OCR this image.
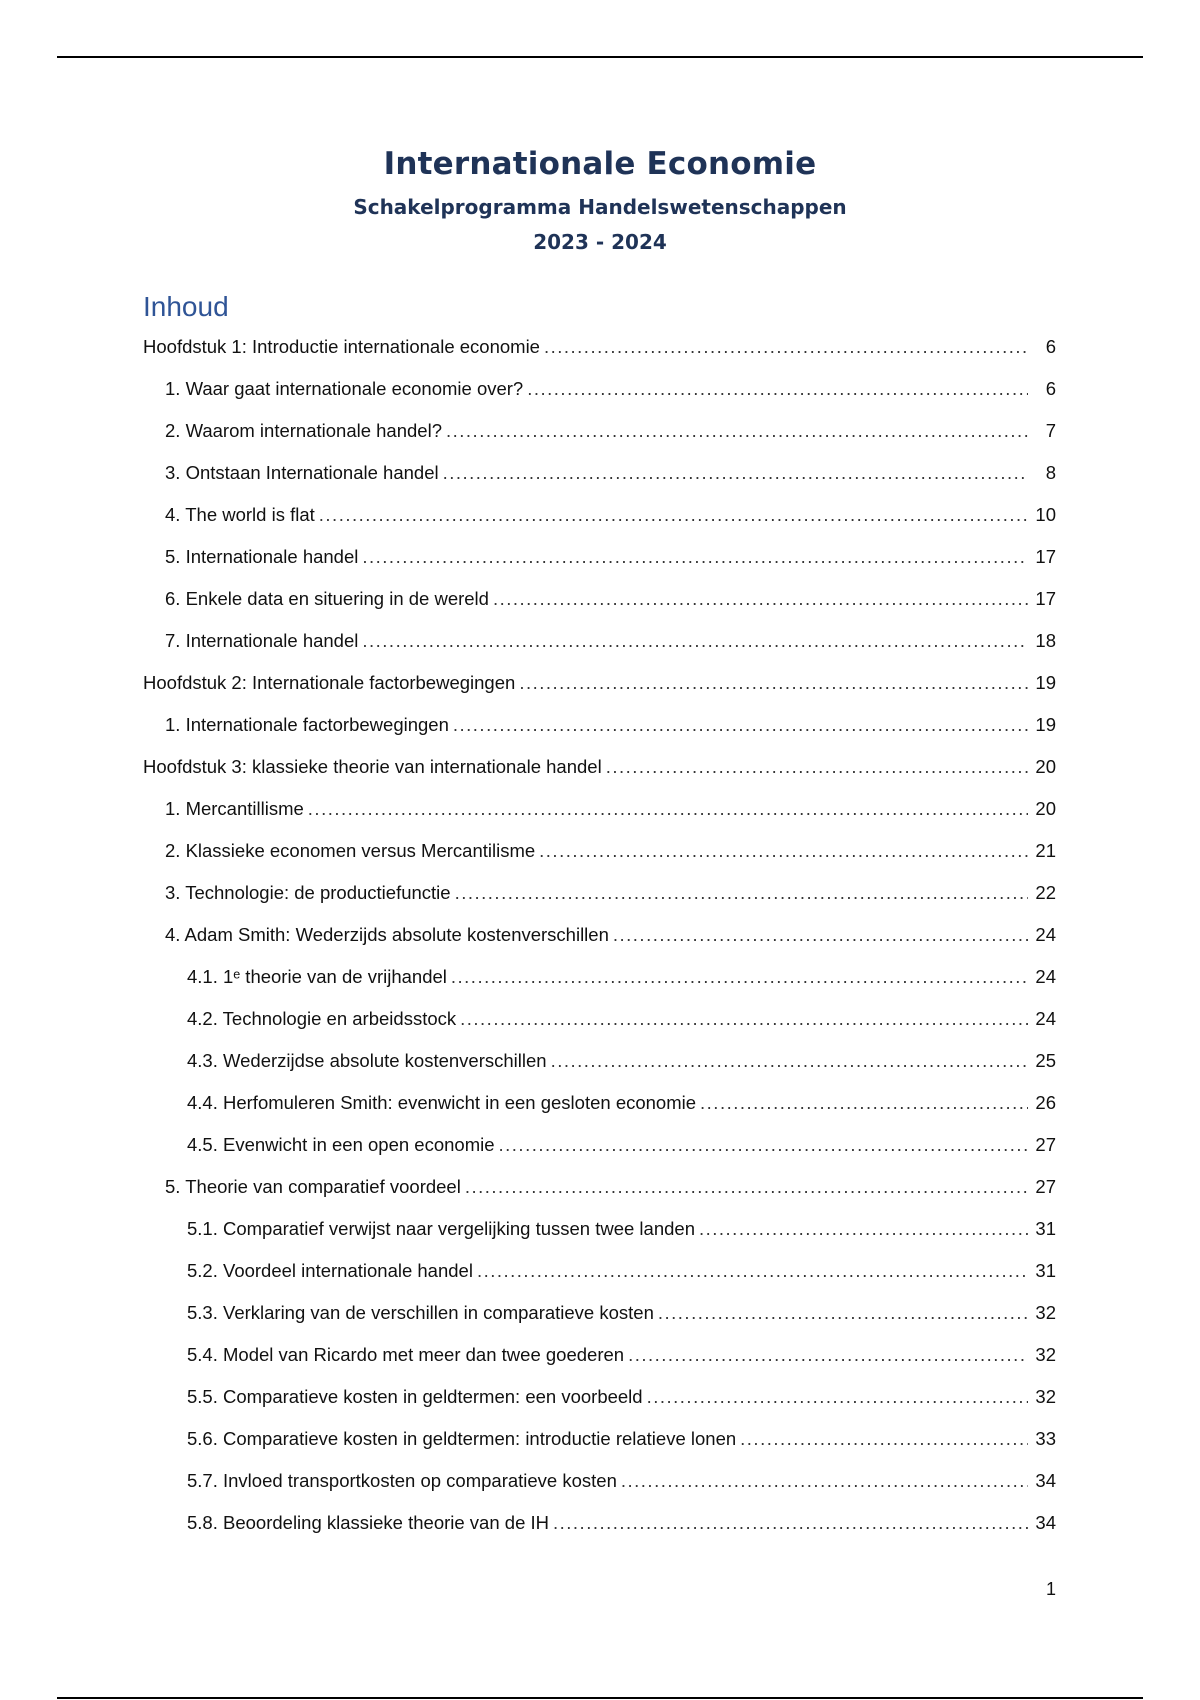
Internationale Economie
Schakelprogramma Handelswetenschappen
2023 - 2024
Inhoud
Hoofdstuk 1: Introductie internationale economie .....	6
1. Waar gaat internationale economie over? .....	6
2. Waarom internationale handel? .....	7
3. Ontstaan Internationale handel .....	8
4. The world is flat .....	10
5. Internationale handel .....	17
6. Enkele data en situering in de wereld .....	17
7. Internationale handel .....	18
Hoofdstuk 2: Internationale factorbewegingen .....	19
1. Internationale factorbewegingen .....	19
Hoofdstuk 3: klassieke theorie van internationale handel .....	20
1. Mercantillisme .....	20
2. Klassieke economen versus Mercantilisme .....	21
3. Technologie: de productiefunctie .....	22
4. Adam Smith: Wederzijds absolute kostenverschillen .....	24
4.1. 1ᵉ theorie van de vrijhandel .....	24
4.2. Technologie en arbeidsstock .....	24
4.3. Wederzijdse absolute kostenverschillen .....	25
4.4. Herfomuleren Smith: evenwicht in een gesloten economie .....	26
4.5. Evenwicht in een open economie .....	27
5. Theorie van comparatief voordeel .....	27
5.1. Comparatief verwijst naar vergelijking tussen twee landen .....	31
5.2. Voordeel internationale handel .....	31
5.3. Verklaring van de verschillen in comparatieve kosten .....	32
5.4. Model van Ricardo met meer dan twee goederen .....	32
5.5. Comparatieve kosten in geldtermen: een voorbeeld .....	32
5.6. Comparatieve kosten in geldtermen: introductie relatieve lonen .....	33
5.7. Invloed transportkosten op comparatieve kosten .....	34
5.8. Beoordeling klassieke theorie van de IH .....	34
1
